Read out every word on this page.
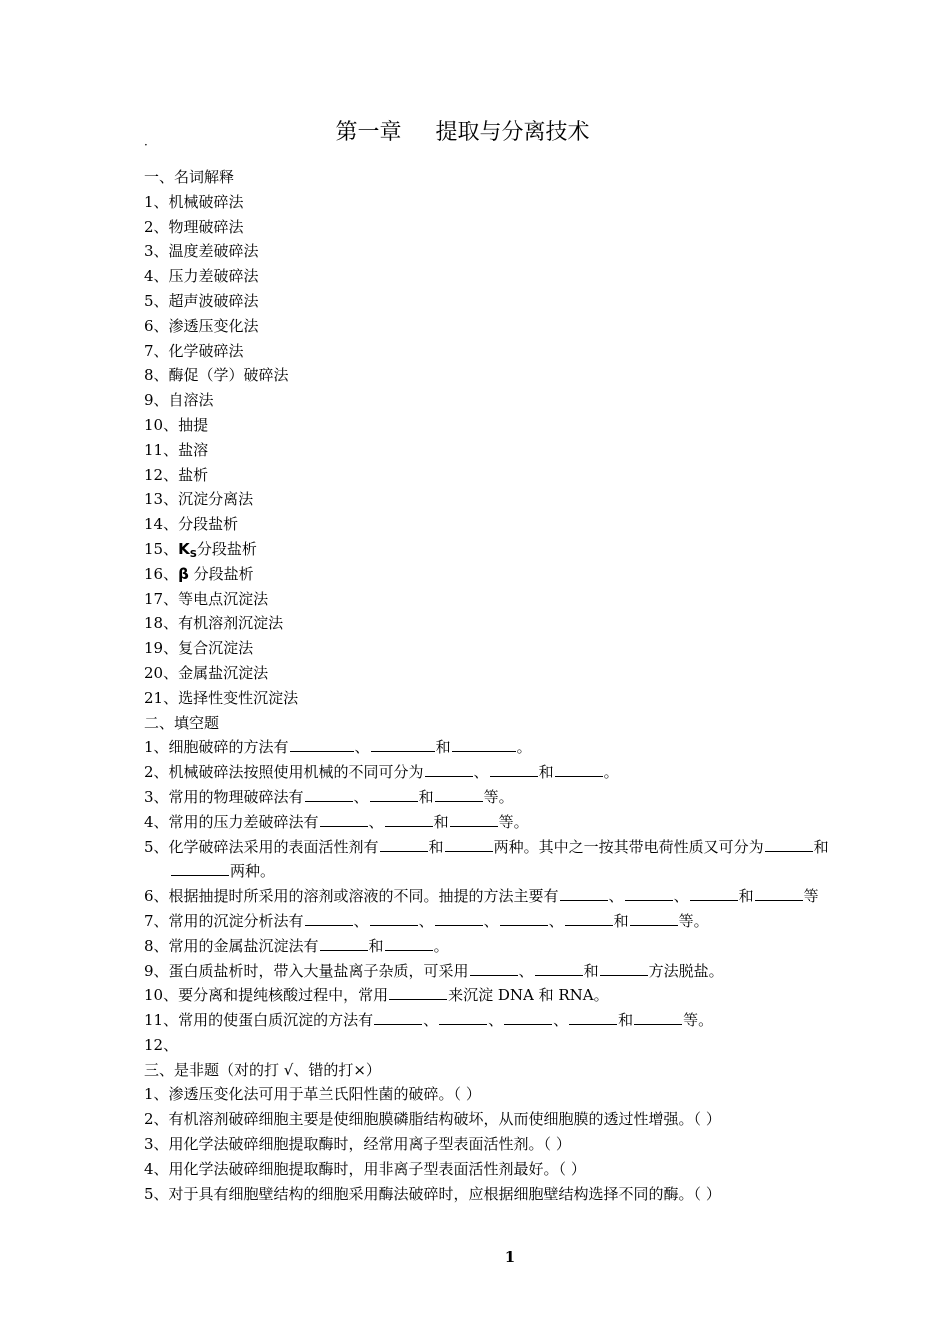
第一章 提取与分离技术
·
一、名词解释
1、机械破碎法
2、物理破碎法
3、温度差破碎法
4、压力差破碎法
5、超声波破碎法
6、渗透压变化法
7、化学破碎法
8、酶促（学）破碎法
9、自溶法
10、抽提
11、盐溶
12、盐析
13、沉淀分离法
14、分段盐析
15、$K_S$分段盐析
16、β 分段盐析
17、等电点沉淀法
18、有机溶剂沉淀法
19、复合沉淀法
20、金属盐沉淀法
21、选择性变性沉淀法
二、填空题
1、细胞破碎的方法有	、	和	。
2、机械破碎法按照使用机械的不同可分为	、	和	。
3、常用的物理破碎法有	、	和	等。
4、常用的压力差破碎法有	、	和	等。
5、化学破碎法采用的表面活性剂有	和	两种。其中之一按其带电荷性质又可分为	和
两种。
6、根据抽提时所采用的溶剂或溶液的不同。抽提的方法主要有	、	、	和	等
7、常用的沉淀分析法有	、	、	、	、	和	等。
8、常用的金属盐沉淀法有	和	。
9、蛋白质盐析时，带入大量盐离子杂质，可采用	、	和	方法脱盐。
10、要分离和提纯核酸过程中，常用	来沉淀 DNA 和 RNA。
11、常用的使蛋白质沉淀的方法有	、	、	、	和	等。
12、
三、是非题（对的打 √、错的打×）
1、渗透压变化法可用于革兰氏阳性菌的破碎。（ ）
2、有机溶剂破碎细胞主要是使细胞膜磷脂结构破坏，从而使细胞膜的透过性增强。（ ）
3、用化学法破碎细胞提取酶时，经常用离子型表面活性剂。（ ）
4、用化学法破碎细胞提取酶时，用非离子型表面活性剂最好。（ ）
5、对于具有细胞壁结构的细胞采用酶法破碎时，应根据细胞壁结构选择不同的酶。（ ）
1
